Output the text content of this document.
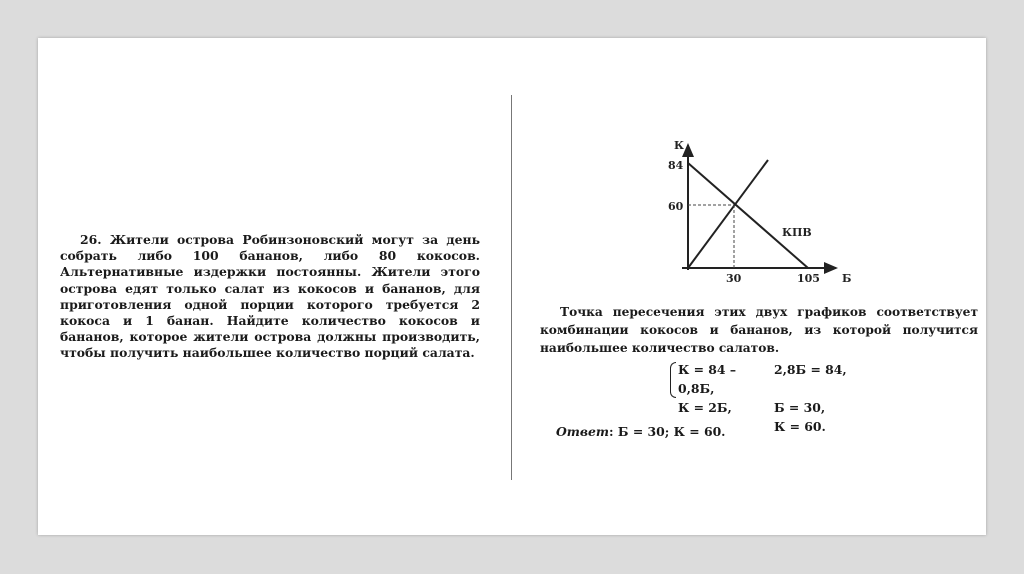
26. Жители острова Робинзоновский могут за день собрать либо 100 бананов, либо 80 кокосов. Альтернативные издержки постоянны. Жители этого острова едят только салат из кокосов и бананов, для приготовления одной порции которого требуется 2 кокоса и 1 банан. Найдите количество кокосов и бананов, которое жители острова должны производить, чтобы получить наибольшее количество порций салата.
К
84
60
30	105 Б
КПВ
Точка пересечения этих двух графиков соответствует комбинации кокосов и бананов, из которой получится наибольшее количество салатов.
К = 84 – 0,8Б,
2,8Б = 84,
К = 2Б,	Б = 30,
К = 60.
Ответ: Б = 30; К = 60.
